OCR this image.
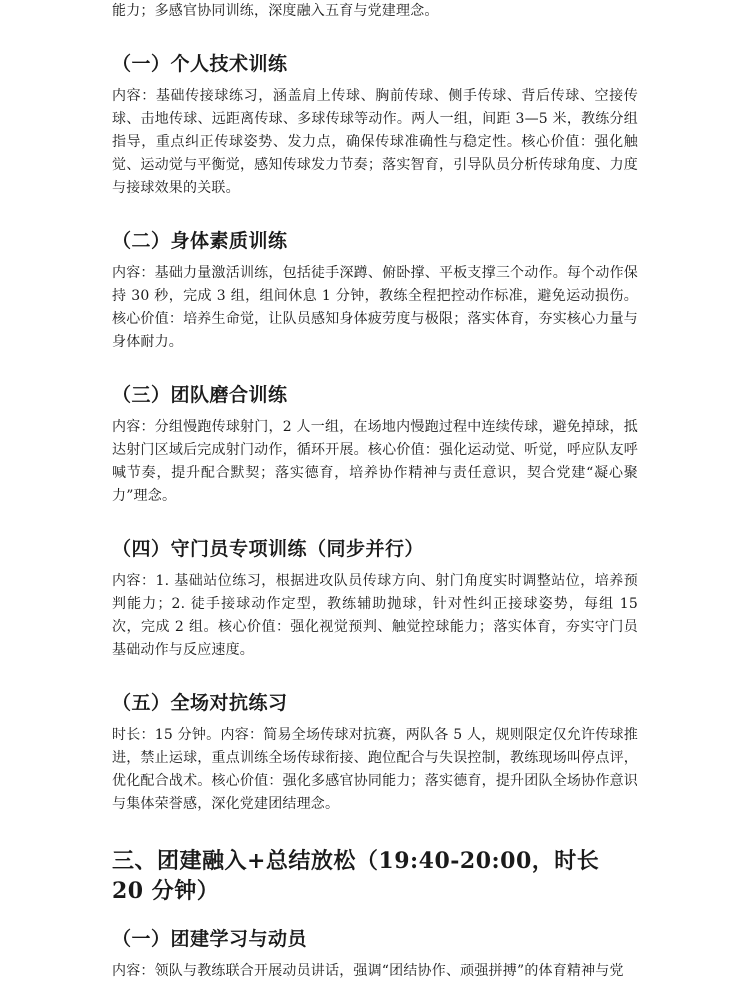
能力；多感官协同训练，深度融入五育与党建理念。

（一）个人技术训练

内容：基础传接球练习，涵盖肩上传球、胸前传球、侧手传球、背后传球、空接传球、击地传球、远距离传球、多球传球等动作。两人一组，间距 3—5 米，教练分组指导，重点纠正传球姿势、发力点，确保传球准确性与稳定性。核心价值：强化触觉、运动觉与平衡觉，感知传球发力节奏；落实智育，引导队员分析传球角度、力度与接球效果的关联。

（二）身体素质训练

内容：基础力量激活训练，包括徒手深蹲、俯卧撑、平板支撑三个动作。每个动作保持 30 秒，完成 3 组，组间休息 1 分钟，教练全程把控动作标准，避免运动损伤。核心价值：培养生命觉，让队员感知身体疲劳度与极限；落实体育，夯实核心力量与身体耐力。

（三）团队磨合训练

内容：分组慢跑传球射门，2 人一组，在场地内慢跑过程中连续传球，避免掉球，抵达射门区域后完成射门动作，循环开展。核心价值：强化运动觉、听觉，呼应队友呼喊节奏，提升配合默契；落实德育，培养协作精神与责任意识，契合党建“凝心聚力”理念。

（四）守门员专项训练（同步并行）

内容：1. 基础站位练习，根据进攻队员传球方向、射门角度实时调整站位，培养预判能力；2. 徒手接球动作定型，教练辅助抛球，针对性纠正接球姿势，每组 15 次，完成 2 组。核心价值：强化视觉预判、触觉控球能力；落实体育，夯实守门员基础动作与反应速度。

（五）全场对抗练习

时长：15 分钟。内容：简易全场传球对抗赛，两队各 5 人，规则限定仅允许传球推进，禁止运球，重点训练全场传球衔接、跑位配合与失误控制，教练现场叫停点评，优化配合战术。核心价值：强化多感官协同能力；落实德育，提升团队全场协作意识与集体荣誉感，深化党建团结理念。

三、团建融入+总结放松（19:40-20:00，时长 20 分钟）

（一）团建学习与动员

内容：领队与教练联合开展动员讲话，强调“团结协作、顽强拼搏”的体育精神与党
